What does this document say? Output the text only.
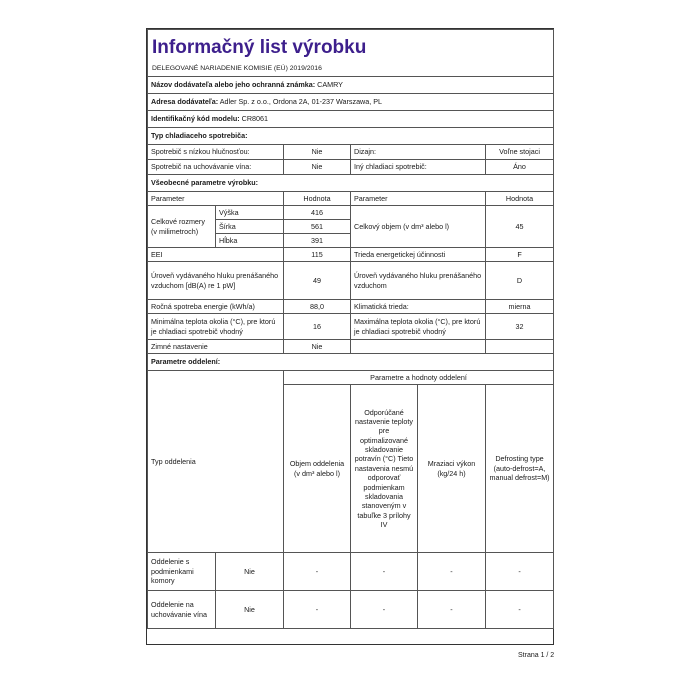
Informačný list výrobku					
DELEGOVANÉ NARIADENIE KOMISIE (EÚ) 2019/2016					
Názov dodávateľa alebo jeho ochranná známka: CAMRY					
Adresa dodávateľa: Adler Sp. z o.o., Ordona 2A, 01-237 Warszawa, PL					
Identifikačný kód modelu: CR8061					
Typ chladiaceho spotrebiča:					
Spotrebič s nízkou hlučnosťou:		Nie	Dizajn:		Voľne stojaci
Spotrebič na uchovávanie vína:		Nie	Iný chladiaci spotrebič:		Áno
Všeobecné parametre výrobku:					
Parameter		Hodnota	Parameter		Hodnota
Celkové rozmery (v milimetroch)	Výška	416	Celkový objem (v dm³ alebo l)		45
	Šírka	561			
	Hĺbka	391			
EEI		115	Trieda energetickej účinnosti		F
Úroveň vydávaného hluku prenášaného vzduchom [dB(A) re 1 pW]		49	Úroveň vydávaného hluku prenášaného vzduchom		D
Ročná spotreba energie (kWh/a)		88,0	Klimatická trieda:		mierna
Minimálna teplota okolia (°C), pre ktorú je chladiaci spotrebič vhodný		16	Maximálna teplota okolia (°C), pre ktorú je chladiaci spotrebič vhodný		32
Zimné nastavenie		Nie			
Parametre oddelení:					
Typ oddelenia		Parametre a hodnoty oddelení			
		Objem oddelenia (v dm³ alebo l)	Odporúčané nastavenie teploty pre optimalizované skladovanie potravín (°C) Tieto nastavenia nesmú odporovať podmienkam skladovania stanoveným v tabuľke 3 prílohy IV	Mraziaci výkon (kg/24 h)	Defrosting type (auto-defrost=A, manual defrost=M)
Oddelenie s podmienkami komory	Nie	-	-	-	-
Oddelenie na uchovávanie vína	Nie	-	-	-	-
Strana 1 / 2
